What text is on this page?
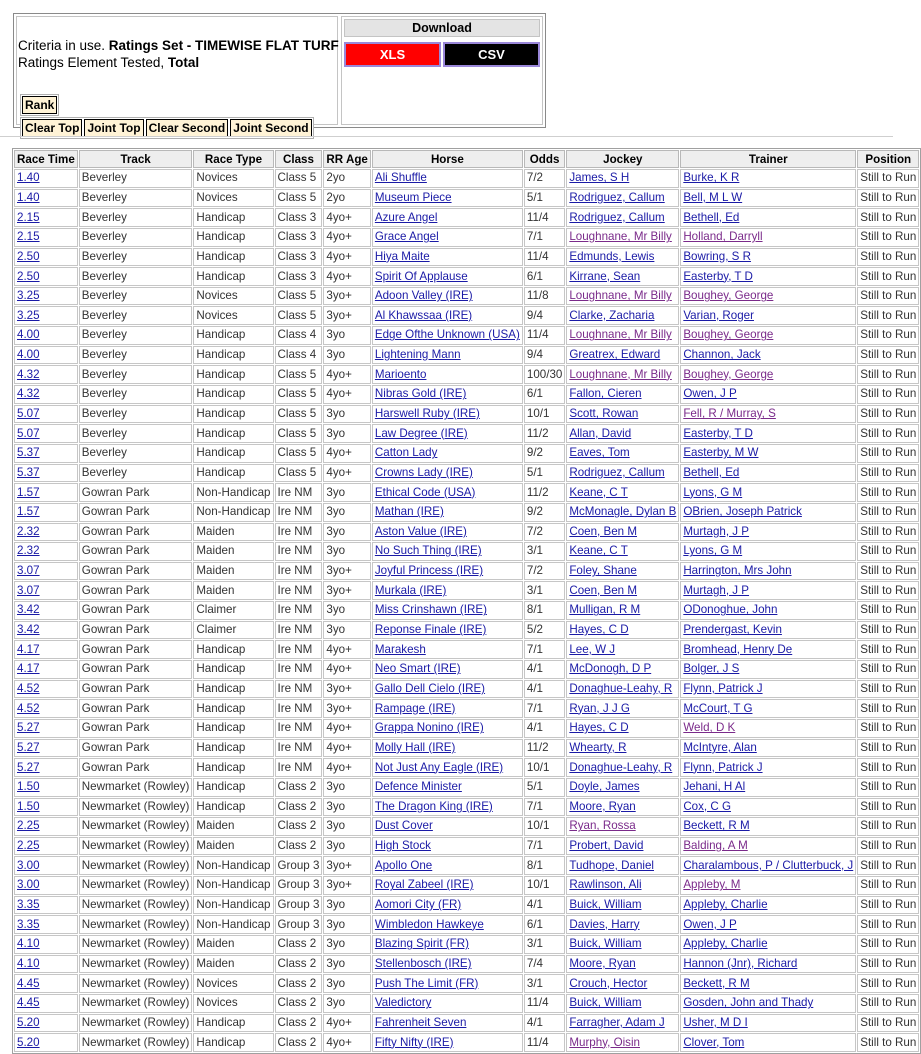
Criteria in use. Ratings Set - TIMEWISE FLAT TURF
Ratings Element Tested, Total
Rank
Clear Top Joint Top Clear Second Joint Second
Download
XLS	CSV
Race Time	Track	Race Type	Class	RR Age	Horse	Odds	Jockey	Trainer	Position
1.40	Beverley	Novices	Class 5	2yo	Ali Shuffle	7/2	James, S H	Burke, K R	Still to Run
1.40	Beverley	Novices	Class 5	2yo	Museum Piece	5/1	Rodriguez, Callum	Bell, M L W	Still to Run
2.15	Beverley	Handicap	Class 3	4yo+	Azure Angel	11/4	Rodriguez, Callum	Bethell, Ed	Still to Run
2.15	Beverley	Handicap	Class 3	4yo+	Grace Angel	7/1	Loughnane, Mr Billy	Holland, Darryll	Still to Run
2.50	Beverley	Handicap	Class 3	4yo+	Hiya Maite	11/4	Edmunds, Lewis	Bowring, S R	Still to Run
2.50	Beverley	Handicap	Class 3	4yo+	Spirit Of Applause	6/1	Kirrane, Sean	Easterby, T D	Still to Run
3.25	Beverley	Novices	Class 5	3yo+	Adoon Valley (IRE)	11/8	Loughnane, Mr Billy	Boughey, George	Still to Run
3.25	Beverley	Novices	Class 5	3yo+	Al Khawssaa (IRE)	9/4	Clarke, Zacharia	Varian, Roger	Still to Run
4.00	Beverley	Handicap	Class 4	3yo	Edge Ofthe Unknown (USA)	11/4	Loughnane, Mr Billy	Boughey, George	Still to Run
4.00	Beverley	Handicap	Class 4	3yo	Lightening Mann	9/4	Greatrex, Edward	Channon, Jack	Still to Run
4.32	Beverley	Handicap	Class 5	4yo+	Marioento	100/30	Loughnane, Mr Billy	Boughey, George	Still to Run
4.32	Beverley	Handicap	Class 5	4yo+	Nibras Gold (IRE)	6/1	Fallon, Cieren	Owen, J P	Still to Run
5.07	Beverley	Handicap	Class 5	3yo	Harswell Ruby (IRE)	10/1	Scott, Rowan	Fell, R / Murray, S	Still to Run
5.07	Beverley	Handicap	Class 5	3yo	Law Degree (IRE)	11/2	Allan, David	Easterby, T D	Still to Run
5.37	Beverley	Handicap	Class 5	4yo+	Catton Lady	9/2	Eaves, Tom	Easterby, M W	Still to Run
5.37	Beverley	Handicap	Class 5	4yo+	Crowns Lady (IRE)	5/1	Rodriguez, Callum	Bethell, Ed	Still to Run
1.57	Gowran Park	Non-Handicap	Ire NM	3yo	Ethical Code (USA)	11/2	Keane, C T	Lyons, G M	Still to Run
1.57	Gowran Park	Non-Handicap	Ire NM	3yo	Mathan (IRE)	9/2	McMonagle, Dylan B	OBrien, Joseph Patrick	Still to Run
2.32	Gowran Park	Maiden	Ire NM	3yo	Aston Value (IRE)	7/2	Coen, Ben M	Murtagh, J P	Still to Run
2.32	Gowran Park	Maiden	Ire NM	3yo	No Such Thing (IRE)	3/1	Keane, C T	Lyons, G M	Still to Run
3.07	Gowran Park	Maiden	Ire NM	3yo+	Joyful Princess (IRE)	7/2	Foley, Shane	Harrington, Mrs John	Still to Run
3.07	Gowran Park	Maiden	Ire NM	3yo+	Murkala (IRE)	3/1	Coen, Ben M	Murtagh, J P	Still to Run
3.42	Gowran Park	Claimer	Ire NM	3yo	Miss Crinshawn (IRE)	8/1	Mulligan, R M	ODonoghue, John	Still to Run
3.42	Gowran Park	Claimer	Ire NM	3yo	Reponse Finale (IRE)	5/2	Hayes, C D	Prendergast, Kevin	Still to Run
4.17	Gowran Park	Handicap	Ire NM	4yo+	Marakesh	7/1	Lee, W J	Bromhead, Henry De	Still to Run
4.17	Gowran Park	Handicap	Ire NM	4yo+	Neo Smart (IRE)	4/1	McDonogh, D P	Bolger, J S	Still to Run
4.52	Gowran Park	Handicap	Ire NM	3yo+	Gallo Dell Cielo (IRE)	4/1	Donaghue-Leahy, R	Flynn, Patrick J	Still to Run
4.52	Gowran Park	Handicap	Ire NM	3yo+	Rampage (IRE)	7/1	Ryan, J J G	McCourt, T G	Still to Run
5.27	Gowran Park	Handicap	Ire NM	4yo+	Grappa Nonino (IRE)	4/1	Hayes, C D	Weld, D K	Still to Run
5.27	Gowran Park	Handicap	Ire NM	4yo+	Molly Hall (IRE)	11/2	Whearty, R	McIntyre, Alan	Still to Run
5.27	Gowran Park	Handicap	Ire NM	4yo+	Not Just Any Eagle (IRE)	10/1	Donaghue-Leahy, R	Flynn, Patrick J	Still to Run
1.50	Newmarket (Rowley)	Handicap	Class 2	3yo	Defence Minister	5/1	Doyle, James	Jehani, H Al	Still to Run
1.50	Newmarket (Rowley)	Handicap	Class 2	3yo	The Dragon King (IRE)	7/1	Moore, Ryan	Cox, C G	Still to Run
2.25	Newmarket (Rowley)	Maiden	Class 2	3yo	Dust Cover	10/1	Ryan, Rossa	Beckett, R M	Still to Run
2.25	Newmarket (Rowley)	Maiden	Class 2	3yo	High Stock	7/1	Probert, David	Balding, A M	Still to Run
3.00	Newmarket (Rowley)	Non-Handicap	Group 3	3yo+	Apollo One	8/1	Tudhope, Daniel	Charalambous, P / Clutterbuck, J	Still to Run
3.00	Newmarket (Rowley)	Non-Handicap	Group 3	3yo+	Royal Zabeel (IRE)	10/1	Rawlinson, Ali	Appleby, M	Still to Run
3.35	Newmarket (Rowley)	Non-Handicap	Group 3	3yo	Aomori City (FR)	4/1	Buick, William	Appleby, Charlie	Still to Run
3.35	Newmarket (Rowley)	Non-Handicap	Group 3	3yo	Wimbledon Hawkeye	6/1	Davies, Harry	Owen, J P	Still to Run
4.10	Newmarket (Rowley)	Maiden	Class 2	3yo	Blazing Spirit (FR)	3/1	Buick, William	Appleby, Charlie	Still to Run
4.10	Newmarket (Rowley)	Maiden	Class 2	3yo	Stellenbosch (IRE)	7/4	Moore, Ryan	Hannon (Jnr), Richard	Still to Run
4.45	Newmarket (Rowley)	Novices	Class 2	3yo	Push The Limit (FR)	3/1	Crouch, Hector	Beckett, R M	Still to Run
4.45	Newmarket (Rowley)	Novices	Class 2	3yo	Valedictory	11/4	Buick, William	Gosden, John and Thady	Still to Run
5.20	Newmarket (Rowley)	Handicap	Class 2	4yo+	Fahrenheit Seven	4/1	Farragher, Adam J	Usher, M D I	Still to Run
5.20	Newmarket (Rowley)	Handicap	Class 2	4yo+	Fifty Nifty (IRE)	11/4	Murphy, Oisin	Clover, Tom	Still to Run
